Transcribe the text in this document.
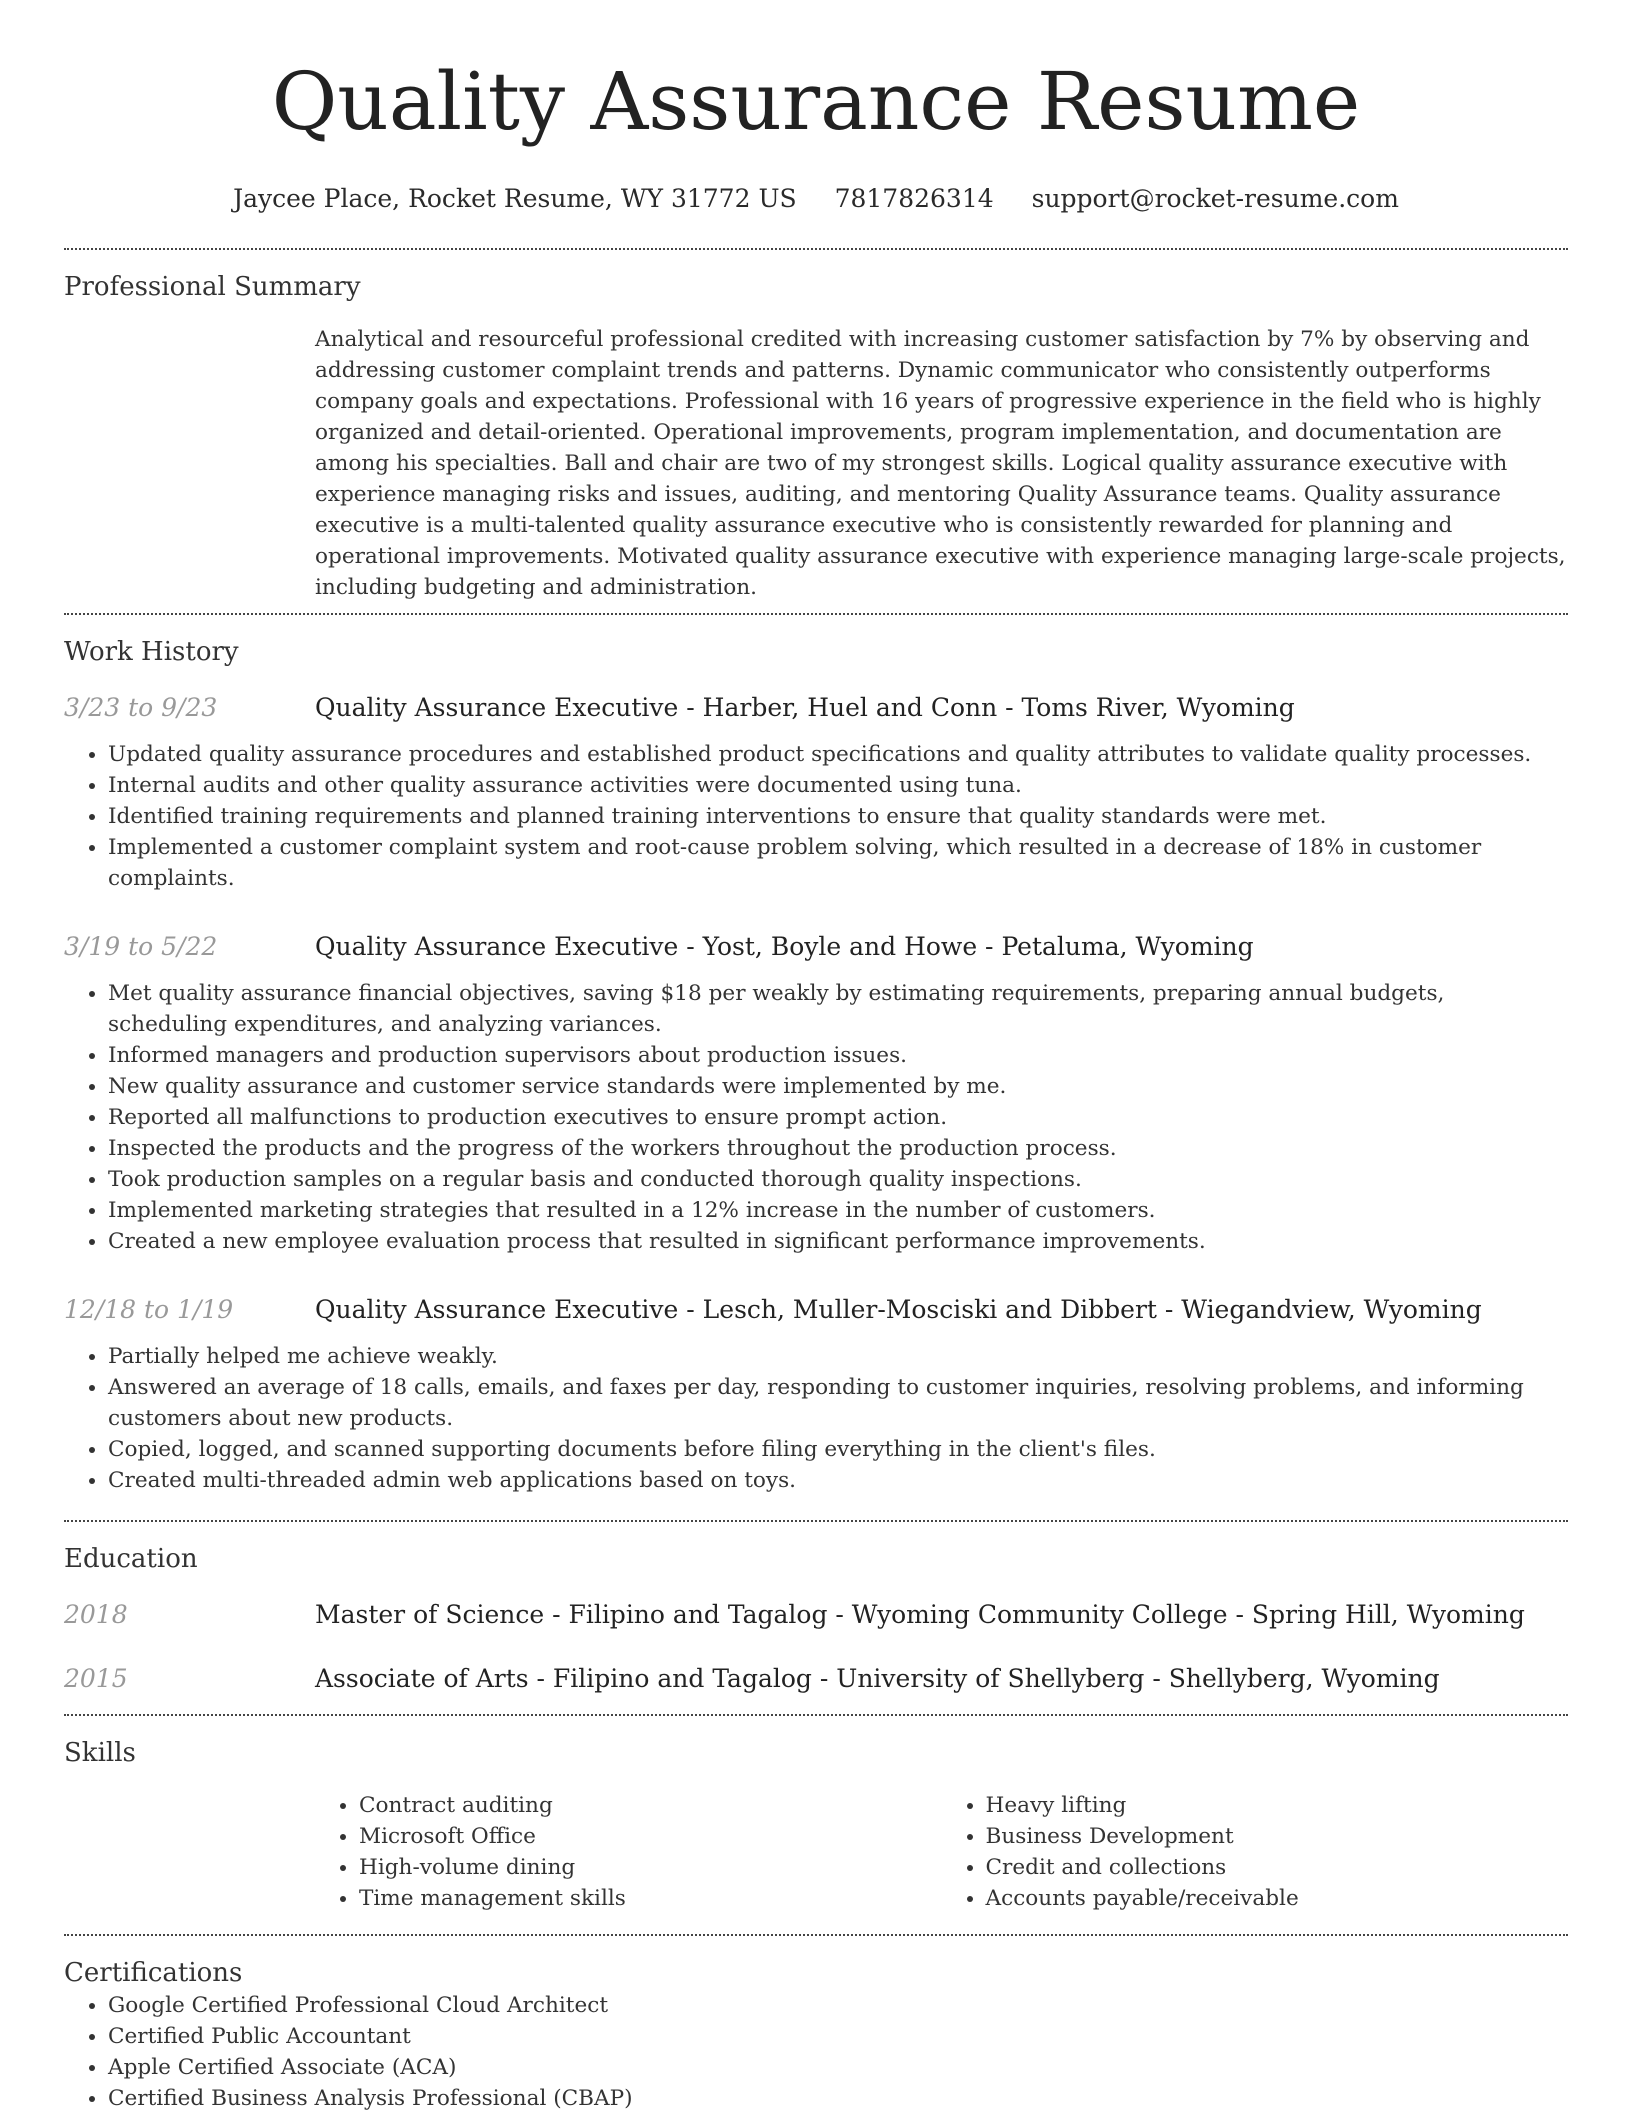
Quality Assurance Resume
Jaycee Place, Rocket Resume, WY 31772 US 7817826314 support@rocket-resume.com
Professional Summary
Analytical and resourceful professional credited with increasing customer satisfaction by 7% by observing and addressing customer complaint trends and patterns. Dynamic communicator who consistently outperforms company goals and expectations. Professional with 16 years of progressive experience in the field who is highly organized and detail-oriented. Operational improvements, program implementation, and documentation are among his specialties. Ball and chair are two of my strongest skills. Logical quality assurance executive with experience managing risks and issues, auditing, and mentoring Quality Assurance teams. Quality assurance executive is a multi-talented quality assurance executive who is consistently rewarded for planning and operational improvements. Motivated quality assurance executive with experience managing large-scale projects, including budgeting and administration.
Work History
3/23 to 9/23	Quality Assurance Executive - Harber, Huel and Conn - Toms River, Wyoming
• Updated quality assurance procedures and established product specifications and quality attributes to validate quality processes.
• Internal audits and other quality assurance activities were documented using tuna.
• Identified training requirements and planned training interventions to ensure that quality standards were met.
• Implemented a customer complaint system and root-cause problem solving, which resulted in a decrease of 18% in customer complaints.
3/19 to 5/22	Quality Assurance Executive - Yost, Boyle and Howe - Petaluma, Wyoming
• Met quality assurance financial objectives, saving $18 per weakly by estimating requirements, preparing annual budgets, scheduling expenditures, and analyzing variances.
• Informed managers and production supervisors about production issues.
• New quality assurance and customer service standards were implemented by me.
• Reported all malfunctions to production executives to ensure prompt action.
• Inspected the products and the progress of the workers throughout the production process.
• Took production samples on a regular basis and conducted thorough quality inspections.
• Implemented marketing strategies that resulted in a 12% increase in the number of customers.
• Created a new employee evaluation process that resulted in significant performance improvements.
12/18 to 1/19	Quality Assurance Executive - Lesch, Muller-Mosciski and Dibbert - Wiegandview, Wyoming
• Partially helped me achieve weakly.
• Answered an average of 18 calls, emails, and faxes per day, responding to customer inquiries, resolving problems, and informing customers about new products.
• Copied, logged, and scanned supporting documents before filing everything in the client's files.
• Created multi-threaded admin web applications based on toys.
Education
2018	Master of Science - Filipino and Tagalog - Wyoming Community College - Spring Hill, Wyoming
2015	Associate of Arts - Filipino and Tagalog - University of Shellyberg - Shellyberg, Wyoming
Skills
• Contract auditing
• Microsoft Office
• High-volume dining
• Time management skills
• Heavy lifting
• Business Development
• Credit and collections
• Accounts payable/receivable
Certifications
• Google Certified Professional Cloud Architect
• Certified Public Accountant
• Apple Certified Associate (ACA)
• Certified Business Analysis Professional (CBAP)
